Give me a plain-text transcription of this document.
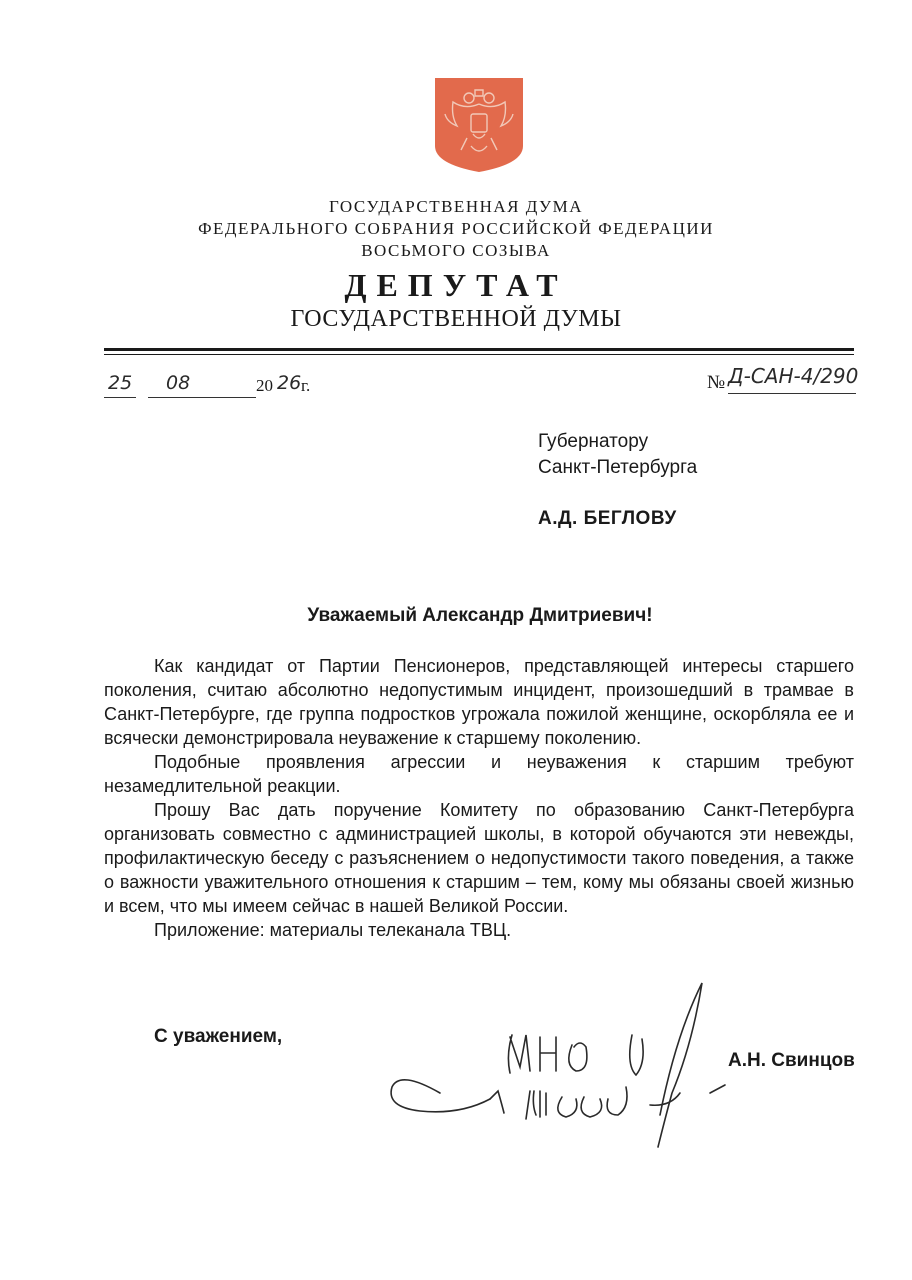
ГОСУДАРСТВЕННАЯ ДУМА
ФЕДЕРАЛЬНОГО СОБРАНИЯ РОССИЙСКОЙ ФЕДЕРАЦИИ
ВОСЬМОГО СОЗЫВА
ДЕПУТАТ
ГОСУДАРСТВЕННОЙ ДУМЫ
25 08	20 26 г.	№ Д-САН-4/290
Губернатору
Санкт-Петербурга
А.Д. БЕГЛОВУ
Уважаемый Александр Дмитриевич!

Как кандидат от Партии Пенсионеров, представляющей интересы старшего поколения, считаю абсолютно недопустимым инцидент, произошедший в трамвае в Санкт-Петербурге, где группа подростков угрожала пожилой женщине, оскорбляла ее и всячески демонстрировала неуважение к старшему поколению.

Подобные проявления агрессии и неуважения к старшим требуют незамедлительной реакции.

Прошу Вас дать поручение Комитету по образованию Санкт-Петербурга организовать совместно с администрацией школы, в которой обучаются эти невежды, профилактическую беседу с разъяснением о недопустимости такого поведения, а также о важности уважительного отношения к старшим – тем, кому мы обязаны своей жизнью и всем, что мы имеем сейчас в нашей Великой России.

Приложение: материалы телеканала ТВЦ.

С уважением,
А.Н. Свинцов
